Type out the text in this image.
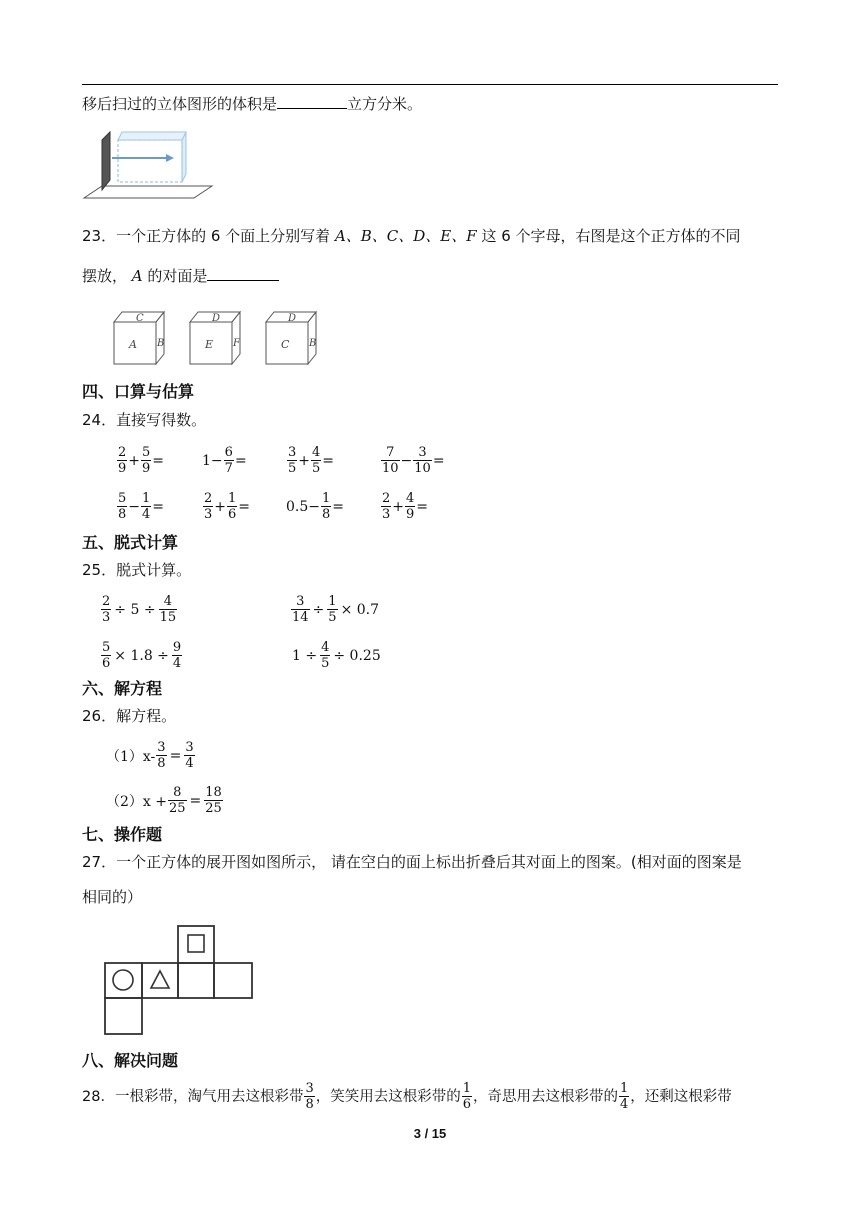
移后扫过的立体图形的体积是	立方分米。
23．一个正方体的 6 个面上分别写着 A、B、C、D、E、F 这 6 个字母，右图是这个正方体的不同
摆放， A 的对面是
C
A B
D
E F
D
C B
四、口算与估算
24．直接写得数。
$\frac{2}{9} + \frac{5}{9}$ =	$1 - \frac{6}{7}$ =	$\frac{3}{5} + \frac{4}{5}$ =	$\frac{7}{10} - \frac{3}{10}$ =
$\frac{5}{8} - \frac{1}{4}$ =	$\frac{2}{3} + \frac{1}{6}$ =	$0.5 - \frac{1}{8}$ =	$\frac{2}{3} + \frac{4}{9}$ =
五、脱式计算
25．脱式计算。
$\frac{2}{3} \div 5 \div \frac{4}{15}$	$\frac{3}{14} \div \frac{1}{5} \times 0.7$
$\frac{5}{6} \times 1.8 \div \frac{9}{4}$	$1 \div \frac{4}{5} \div 0.25$
六、解方程
26．解方程。
$(1)x- \frac{3}{8} = \frac{3}{4}$
$(2)x + \frac{8}{25} = \frac{18}{25}$
七、操作题
27．一个正方体的展开图如图所示， 请在空白的面上标出折叠后其对面上的图案。(相对面的图案是
相同的）
八、解决问题
28．一根彩带，淘气用去这根彩带 $\frac{3}{8}$ ，笑笑用去这根彩带的 $\frac{1}{6}$ ，奇思用去这根彩带的 $\frac{1}{4}$ ，还剩这根彩带
3 / 15
